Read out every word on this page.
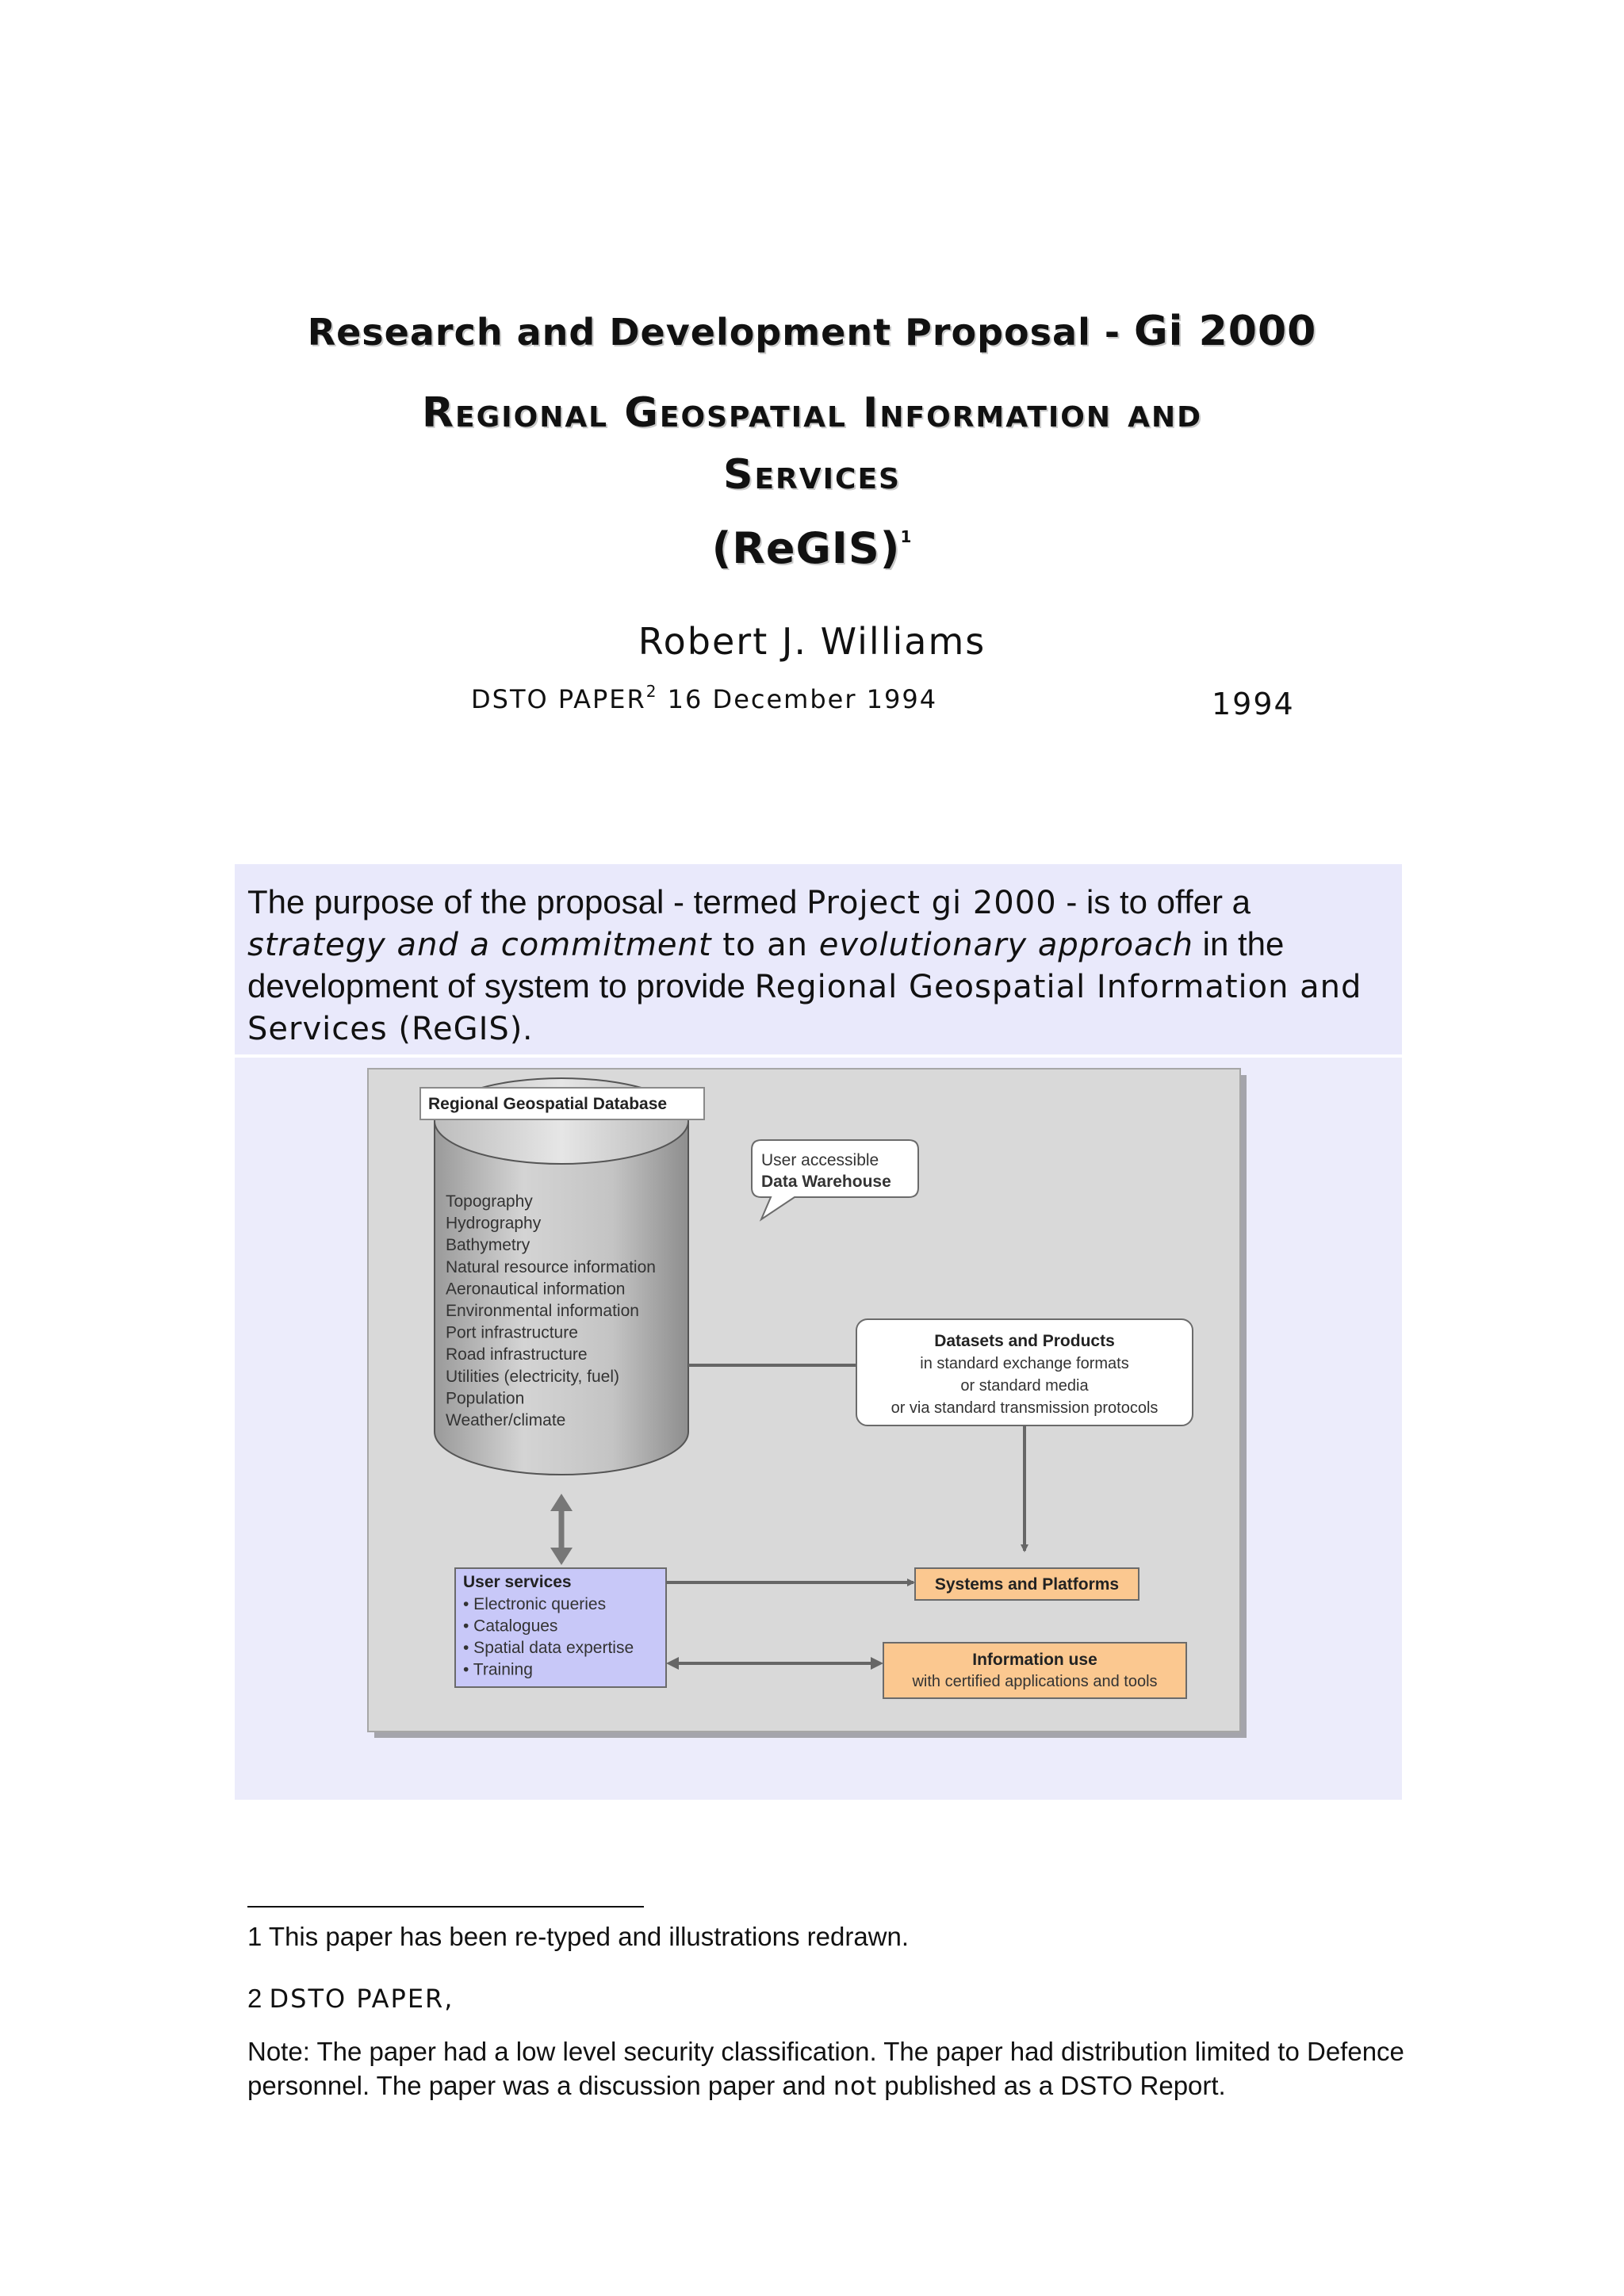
Research and Development Proposal - Gi 2000
Regional Geospatial Information and
Services
(ReGIS)$^1$
Robert J. Williams
DSTO PAPER$^2$ 16 December 1994	1994
The purpose of the proposal - termed Project gi 2000 - is to offer a strategy and a commitment to an evolutionary approach in the development of system to provide Regional Geospatial Information and Services (ReGIS).
Regional Geospatial Database
Topography
Hydrography
Bathymetry
Natural resource information
Aeronautical information
Environmental information
Port infrastructure
Road infrastructure
Utilities (electricity, fuel)
Population
Weather/climate
User accessible
Data Warehouse
Datasets and Products
in standard exchange formats
or standard media
or via standard transmission protocols
User services
• Electronic queries
• Catalogues
• Spatial data expertise
• Training
Systems and Platforms
Information use
with certified applications and tools
1 This paper has been re-typed and illustrations redrawn.
2 DSTO PAPER,
Note: The paper had a low level security classification. The paper had distribution limited to Defence personnel. The paper was a discussion paper and not published as a DSTO Report.
